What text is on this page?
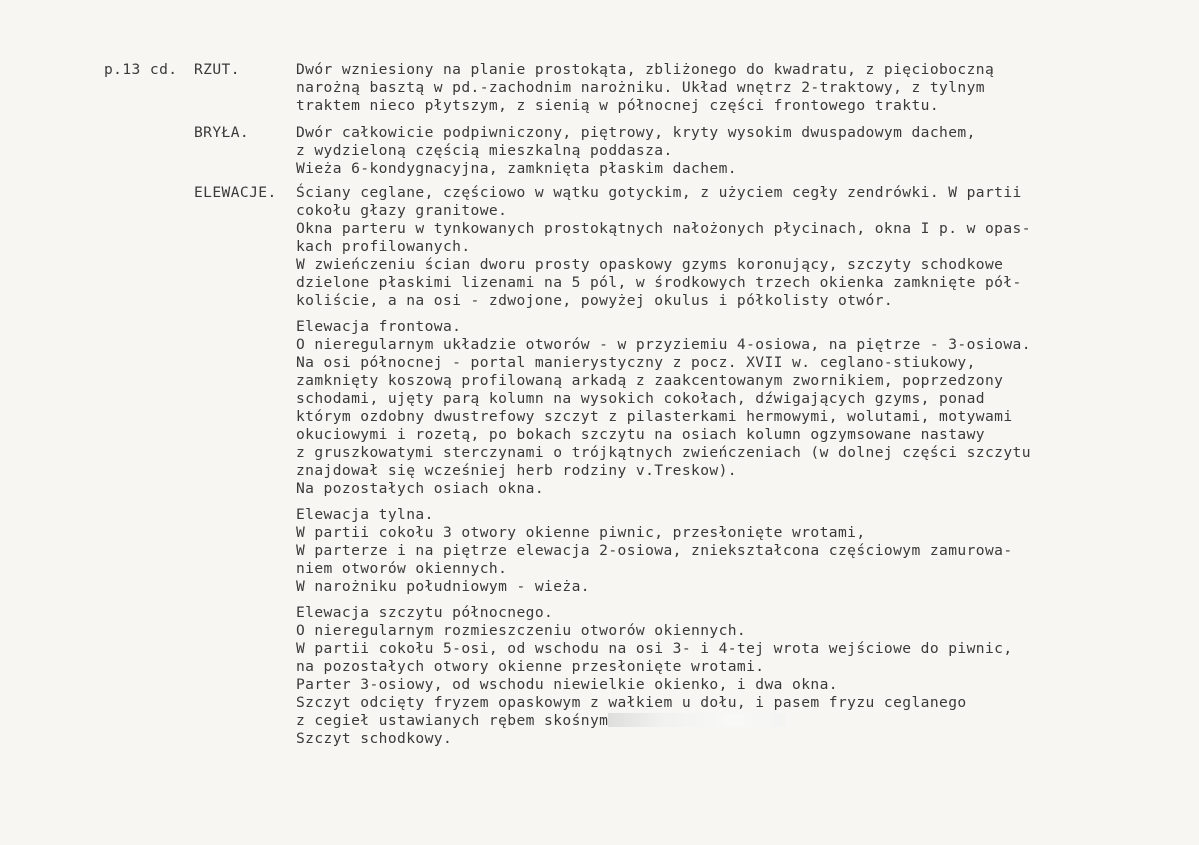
p.13 cd. RZUT.	Dwór wzniesiony na planie prostokąta, zbliżonego do kwadratu, z pięcioboczną
narożną basztą w pd.-zachodnim narożniku. Układ wnętrz 2-traktowy, z tylnym
traktem nieco płytszym, z sienią w północnej części frontowego traktu.
BRYŁA.	Dwór całkowicie podpiwniczony, piętrowy, kryty wysokim dwuspadowym dachem,
z wydzieloną częścią mieszkalną poddasza.
Wieża 6-kondygnacyjna, zamknięta płaskim dachem.
ELEWACJE. Ściany ceglane, częściowo w wątku gotyckim, z użyciem cegły zendrówki. W partii
cokołu głazy granitowe.
Okna parteru w tynkowanych prostokątnych nałożonych płycinach, okna I p. w opas-
kach profilowanych.
W zwieńczeniu ścian dworu prosty opaskowy gzyms koronujący, szczyty schodkowe
dzielone płaskimi lizenami na 5 pól, w środkowych trzech okienka zamknięte pół-
koliście, a na osi - zdwojone, powyżej okulus i półkolisty otwór.
Elewacja frontowa.
O nieregularnym układzie otworów - w przyziemiu 4-osiowa, na piętrze - 3-osiowa.
Na osi północnej - portal manierystyczny z pocz. XVII w. ceglano-stiukowy,
zamknięty koszową profilowaną arkadą z zaakcentowanym zwornikiem, poprzedzony
schodami, ujęty parą kolumn na wysokich cokołach, dźwigających gzyms, ponad
którym ozdobny dwustrefowy szczyt z pilasterkami hermowymi, wolutami, motywami
okuciowymi i rozetą, po bokach szczytu na osiach kolumn ogzymsowane nastawy
z gruszkowatymi sterczynami o trójkątnych zwieńczeniach (w dolnej części szczytu
znajdował się wcześniej herb rodziny v.Treskow).
Na pozostałych osiach okna.
Elewacja tylna.
W partii cokołu 3 otwory okienne piwnic, przesłonięte wrotami,
W parterze i na piętrze elewacja 2-osiowa, zniekształcona częściowym zamurowa-
niem otworów okiennych.
W narożniku południowym - wieża.
Elewacja szczytu północnego.
O nieregularnym rozmieszczeniu otworów okiennych.
W partii cokołu 5-osi, od wschodu na osi 3- i 4-tej wrota wejściowe do piwnic,
na pozostałych otwory okienne przesłonięte wrotami.
Parter 3-osiowy, od wschodu niewielkie okienko, i dwa okna.
Szczyt odcięty fryzem opaskowym z wałkiem u dołu, i pasem fryzu ceglanego
z cegieł ustawianych rębem skośnym
Szczyt schodkowy.
